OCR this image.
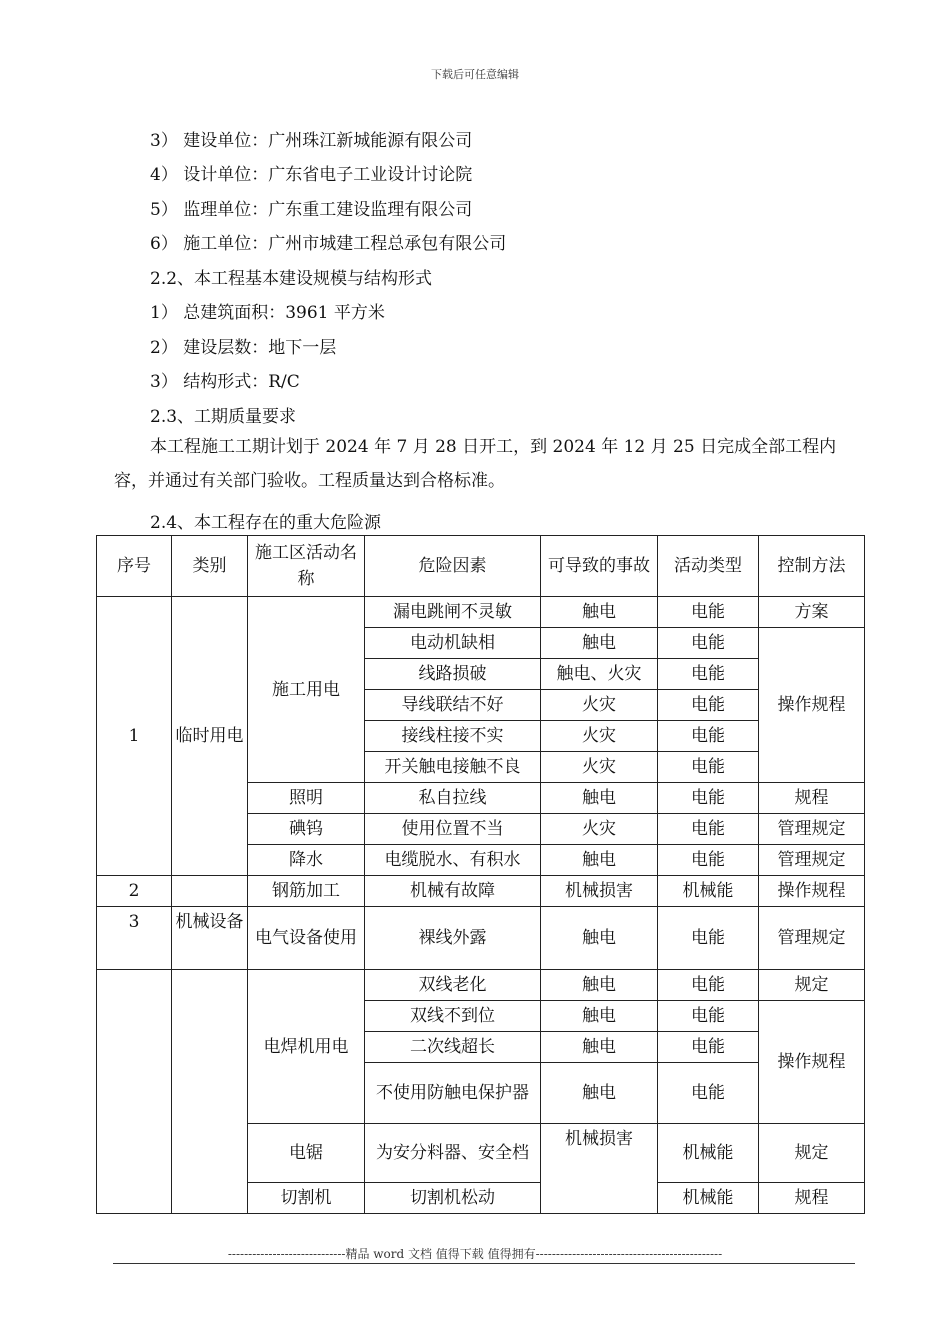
下载后可任意编辑
3） 建设单位：广州珠江新城能源有限公司
4） 设计单位：广东省电子工业设计讨论院
5） 监理单位：广东重工建设监理有限公司
6） 施工单位：广州市城建工程总承包有限公司
2.2、本工程基本建设规模与结构形式
1） 总建筑面积：3961 平方米
2） 建设层数：地下一层
3） 结构形式：R/C
2.3、工期质量要求
本工程施工工期计划于 2024 年 7 月 28 日开工，到 2024 年 12 月 25 日完成全部工程内容，并通过有关部门验收。工程质量达到合格标准。
2.4、本工程存在的重大危险源
序号	类别	施工区活动名称	危险因素	可导致的事故	活动类型	控制方法
1	临时用电	施工用电	漏电跳闸不灵敏	触电	电能	方案
			电动机缺相	触电	电能	操作规程
			线路损破	触电、火灾	电能	
			导线联结不好	火灾	电能	
			接线柱接不实	火灾	电能	
			开关触电接触不良	火灾	电能	
		照明	私自拉线	触电	电能	规程
		碘钨	使用位置不当	火灾	电能	管理规定
		降水	电缆脱水、有积水	触电	电能	管理规定
2		钢筋加工	机械有故障	机械损害	机械能	操作规程
3	机械设备	电气设备使用	裸线外露	触电	电能	管理规定
		电焊机用电	双线老化	触电	电能	规定
			双线不到位	触电	电能	操作规程
			二次线超长	触电	电能	
			不使用防触电保护器	触电	电能	
		电锯	为安分料器、安全档	机械损害	机械能	规定
		切割机	切割机松动		机械能	规程
-----------------------------精品 word 文档 值得下载 值得拥有----------------------------------------------
